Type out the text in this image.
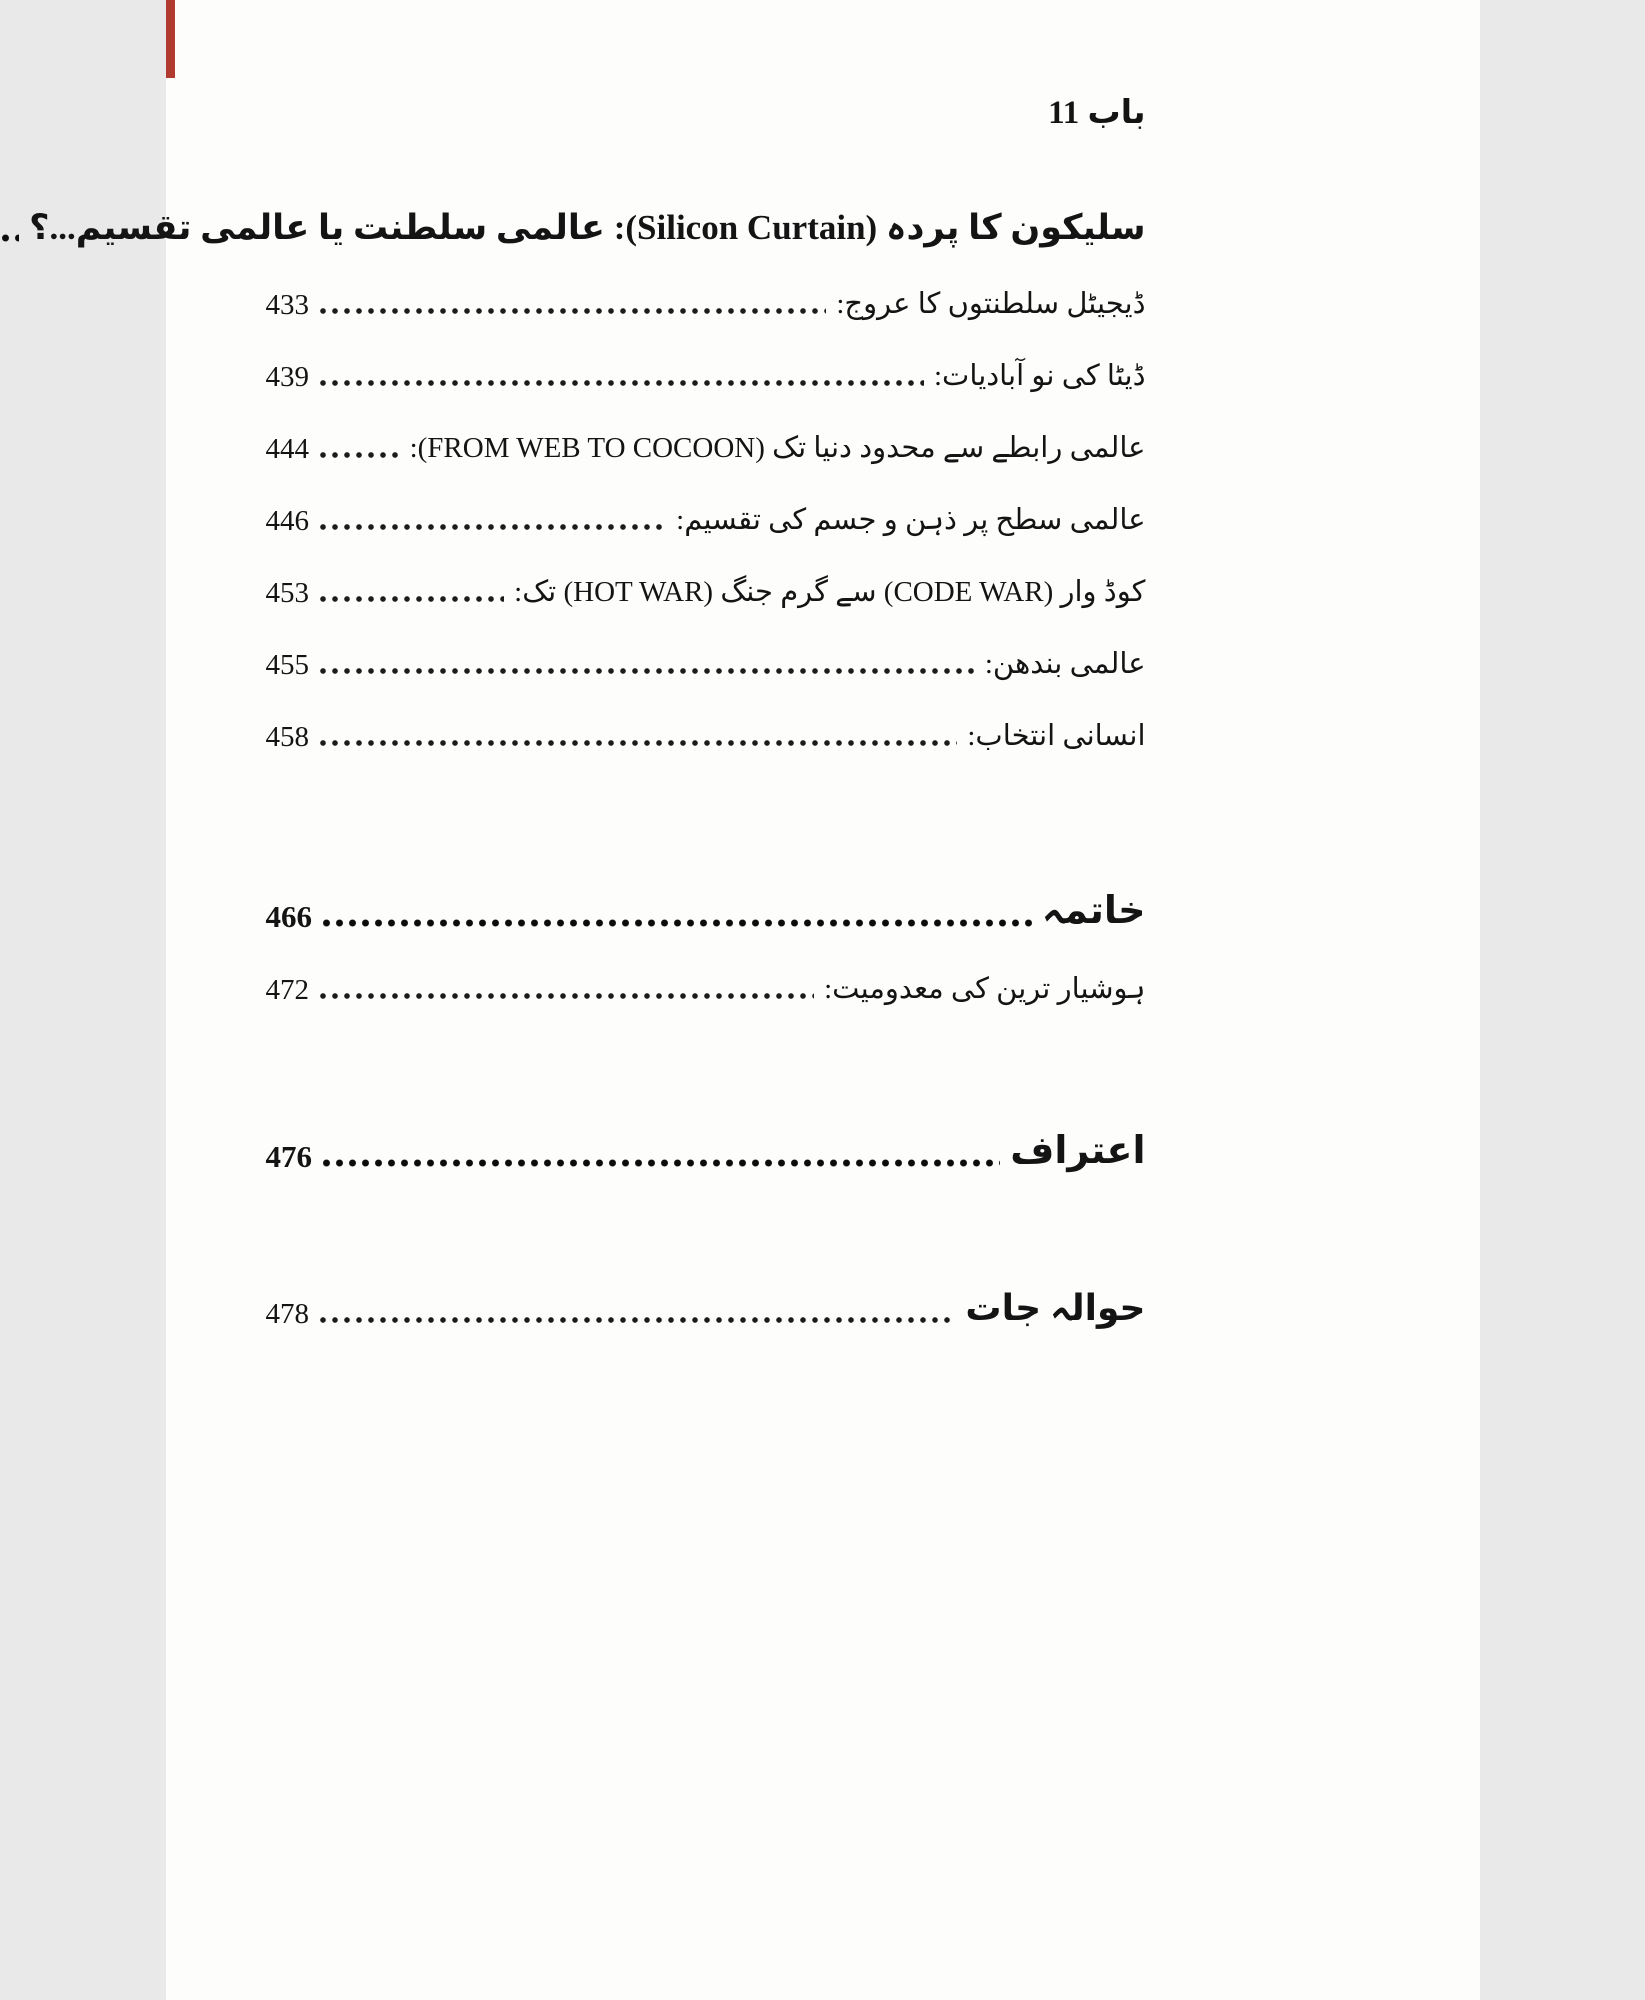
باب 11
سلیکون کا پردہ (Silicon Curtain): عالمی سلطنت یا عالمی تقسیم...؟
ڈیجیٹل سلطنتوں کا عروج:
433
ڈیٹا کی نو آبادیات:
439
عالمی رابطے سے محدود دنیا تک (FROM WEB TO COCOON):
444
عالمی سطح پر ذہن و جسم کی تقسیم:
446
کوڈ وار (CODE WAR) سے گرم جنگ (HOT WAR) تک:
453
عالمی بندھن:
455
انسانی انتخاب:
458
خاتمہ
466
ہوشیار ترین کی معدومیت:
472
اعتراف
476
حوالہ جات
478
